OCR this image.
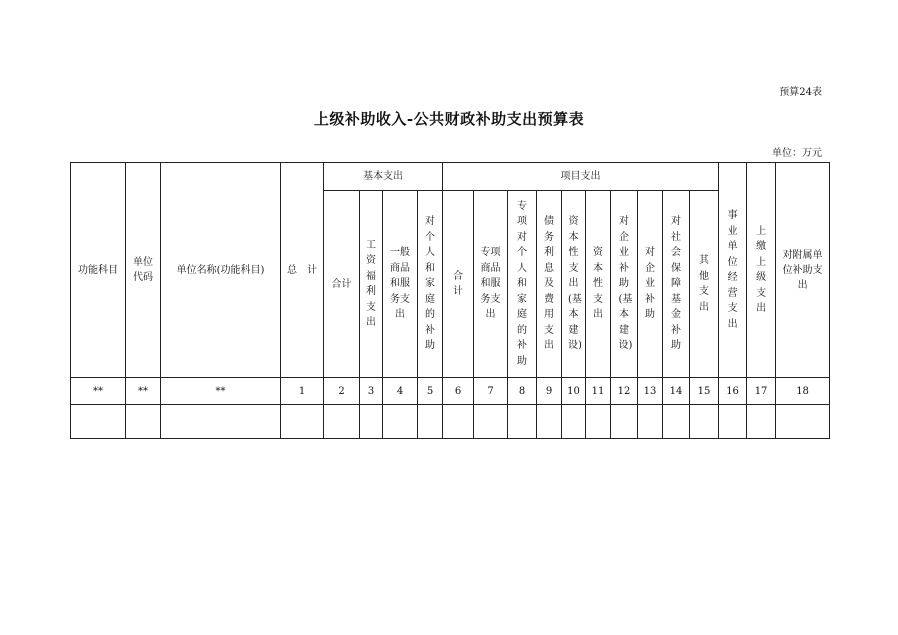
预算24表
上级补助收入-公共财政补助支出预算表
单位：万元
功能科目	单位代码	单位名称(功能科目)	总　计	基本支出				项目支出										事业单位经营支出	上缴上级支出	对附属单位补助支出
				合计	工资福利支出	一般商品和服务支出	对个人和家庭的补助	合计	专项商品和服务支出	专项对个人和家庭的补助	债务利息及费用支出	资本性支出(基本建设)	资本性支出	对企业补助(基本建设)	对企业补助	对社会保障基金补助	其他支出			
**	**	**	1	2	3	4	5	6	7	8	9	10	11	12	13	14	15	16	17	18
